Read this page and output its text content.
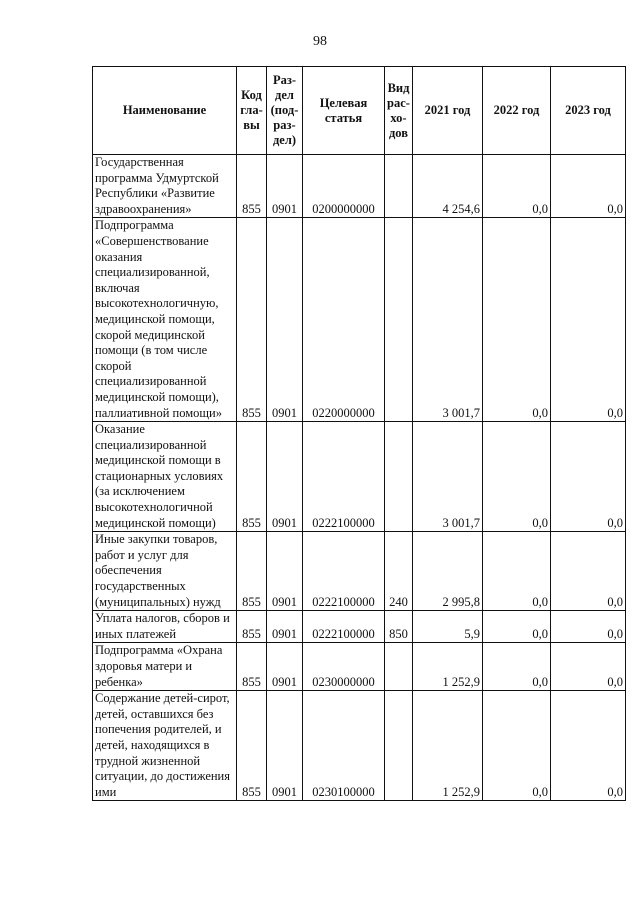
98
Наименование	Код гла-вы	Раз-дел (под-раз-дел)	Целевая статья	Вид рас-хо-дов	2021 год	2022 год	2023 год
Государственная программа Удмуртской Республики «Развитие здравоохранения»	855	0901	0200000000		4 254,6	0,0	0,0
Подпрограмма «Совершенствование оказания специализированной, включая высокотехнологичную, медицинской помощи, скорой медицинской помощи (в том числе скорой специализированной медицинской помощи), паллиативной помощи»	855	0901	0220000000		3 001,7	0,0	0,0
Оказание специализированной медицинской помощи в стационарных условиях (за исключением высокотехнологичной медицинской помощи)	855	0901	0222100000		3 001,7	0,0	0,0
Иные закупки товаров, работ и услуг для обеспечения государственных (муниципальных) нужд	855	0901	0222100000	240	2 995,8	0,0	0,0
Уплата налогов, сборов и иных платежей	855	0901	0222100000	850	5,9	0,0	0,0
Подпрограмма «Охрана здоровья матери и ребенка»	855	0901	0230000000		1 252,9	0,0	0,0
Содержание детей-сирот, детей, оставшихся без попечения родителей, и детей, находящихся в трудной жизненной ситуации, до достижения ими	855	0901	0230100000		1 252,9	0,0	0,0
